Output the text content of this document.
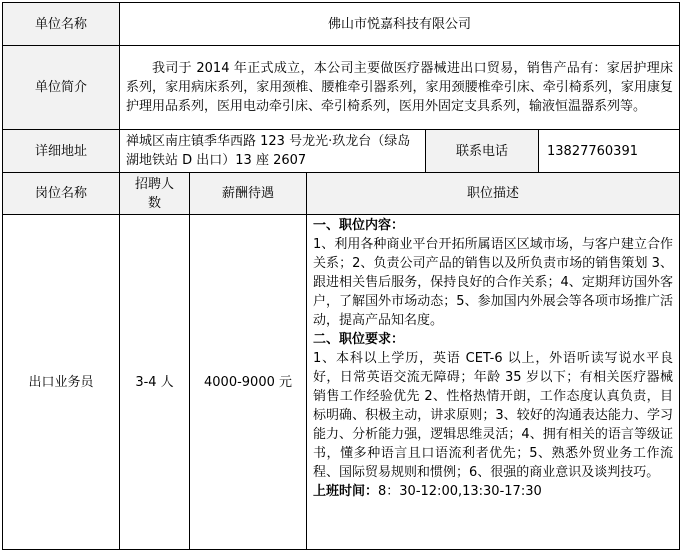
单位名称	佛山市悦嘉科技有限公司			
单位简介	我司于 2014 年正式成立，本公司主要做医疗器械进出口贸易，销售产品有：家居护理床系列，家用病床系列，家用颈椎、腰椎牵引器系列，家用颈腰椎牵引床、牵引椅系列，家用康复护理用品系列，医用电动牵引床、牵引椅系列，医用外固定支具系列，输液恒温器系列等。			
详细地址	禅城区南庄镇季华西路 123 号龙光·玖龙台（绿岛湖地铁站 D 出口）13 座 2607			联系电话 13827760391

岗位名称	招聘人数	薪酬待遇	职位描述	
出口业务员	3-4 人	4000-9000 元	一、职位内容：
1、利用各种商业平台开拓所属语区区域市场，与客户建立合作关系；2、负责公司产品的销售以及所负责市场的销售策划 3、跟进相关售后服务，保持良好的合作关系；4、定期拜访国外客户，了解国外市场动态；5、参加国内外展会等各项市场推广活动，提高产品知名度。
二、职位要求：
1、本科以上学历，英语 CET-6 以上，外语听读写说水平良好，日常英语交流无障碍；年龄 35 岁以下；有相关医疗器械销售工作经验优先 2、性格热情开朗，工作态度认真负责，目标明确、积极主动，讲求原则；3、较好的沟通表达能力、学习能力、分析能力强，逻辑思维灵活；4、拥有相关的语言等级证书，懂多种语言且口语流利者优先；5、熟悉外贸业务工作流程、国际贸易规则和惯例；6、很强的商业意识及谈判技巧。
上班时间：8：30-12:00,13:30-17:30	
